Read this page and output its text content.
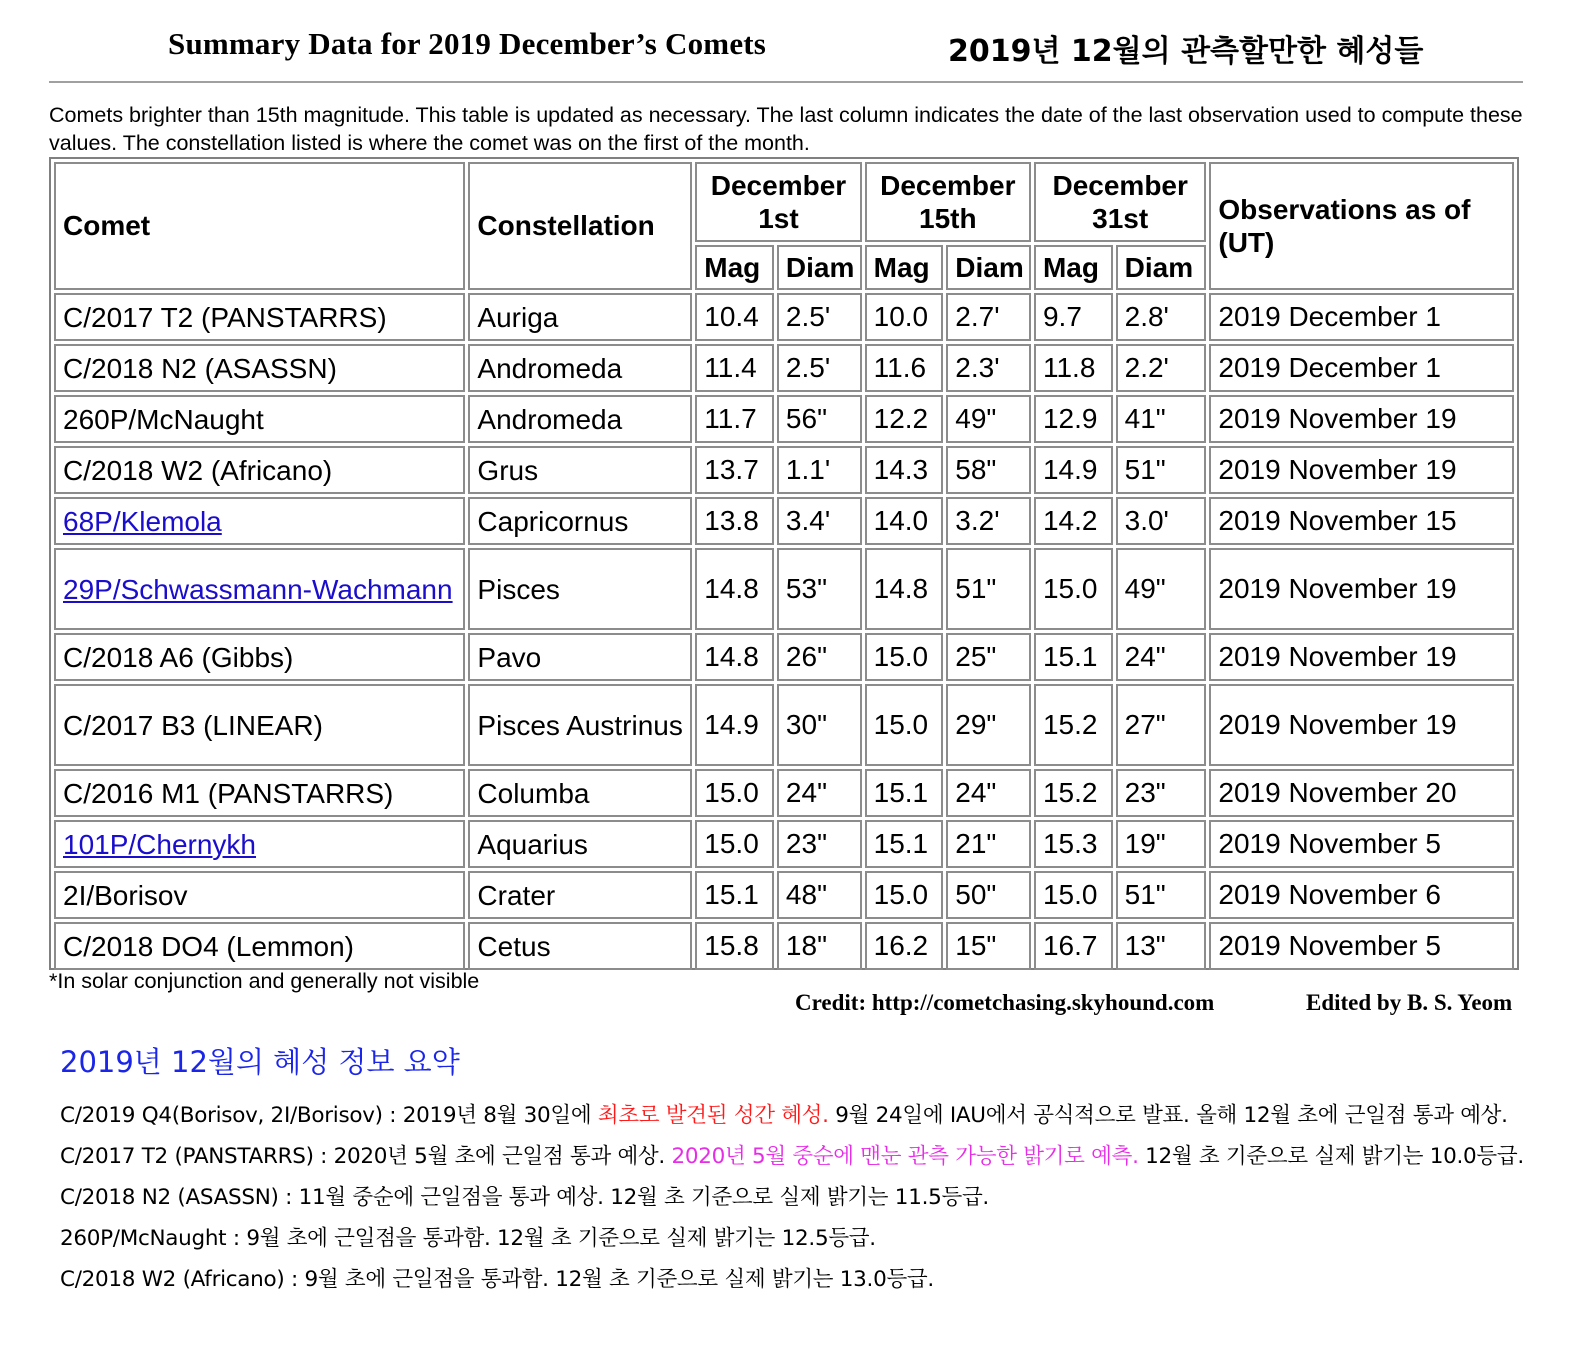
Summary Data for 2019 December’s Comets	2019년 12월의 관측할만한 혜성들
Comets brighter than 15th magnitude. This table is updated as necessary. The last column indicates the date of the last observation used to compute these values. The constellation listed is where the comet was on the first of the month.
Comet	Constellation	December 1st		December 15th		December 31st		Observations as of (UT)
		Mag	Diam	Mag	Diam	Mag	Diam	
C/2017 T2 (PANSTARRS)	Auriga	10.4	2.5'	10.0	2.7'	9.7	2.8'	2019 December 1
C/2018 N2 (ASASSN)	Andromeda	11.4	2.5'	11.6	2.3'	11.8	2.2'	2019 December 1
260P/McNaught	Andromeda	11.7	56"	12.2	49"	12.9	41"	2019 November 19
C/2018 W2 (Africano)	Grus	13.7	1.1'	14.3	58"	14.9	51"	2019 November 19
68P/Klemola	Capricornus	13.8	3.4'	14.0	3.2'	14.2	3.0'	2019 November 15
29P/Schwassmann-Wachmann	Pisces	14.8	53"	14.8	51"	15.0	49"	2019 November 19
C/2018 A6 (Gibbs)	Pavo	14.8	26"	15.0	25"	15.1	24"	2019 November 19
C/2017 B3 (LINEAR)	Pisces Austrinus	14.9	30"	15.0	29"	15.2	27"	2019 November 19
C/2016 M1 (PANSTARRS)	Columba	15.0	24"	15.1	24"	15.2	23"	2019 November 20
101P/Chernykh	Aquarius	15.0	23"	15.1	21"	15.3	19"	2019 November 5
2I/Borisov	Crater	15.1	48"	15.0	50"	15.0	51"	2019 November 6
C/2018 DO4 (Lemmon)	Cetus	15.8	18"	16.2	15"	16.7	13"	2019 November 5
*In solar conjunction and generally not visible
Credit: http://cometchasing.skyhound.com	Edited by B. S. Yeom
2019년 12월의 혜성 정보 요약
C/2019 Q4(Borisov, 2I/Borisov) : 2019년 8월 30일에 최초로 발견된 성간 혜성. 9월 24일에 IAU에서 공식적으로 발표. 올해 12월 초에 근일점 통과 예상.
C/2017 T2 (PANSTARRS) : 2020년 5월 초에 근일점 통과 예상. 2020년 5월 중순에 맨눈 관측 가능한 밝기로 예측. 12월 초 기준으로 실제 밝기는 10.0등급.
C/2018 N2 (ASASSN) : 11월 중순에 근일점을 통과 예상. 12월 초 기준으로 실제 밝기는 11.5등급.
260P/McNaught : 9월 초에 근일점을 통과함. 12월 초 기준으로 실제 밝기는 12.5등급.
C/2018 W2 (Africano) : 9월 초에 근일점을 통과함. 12월 초 기준으로 실제 밝기는 13.0등급.
